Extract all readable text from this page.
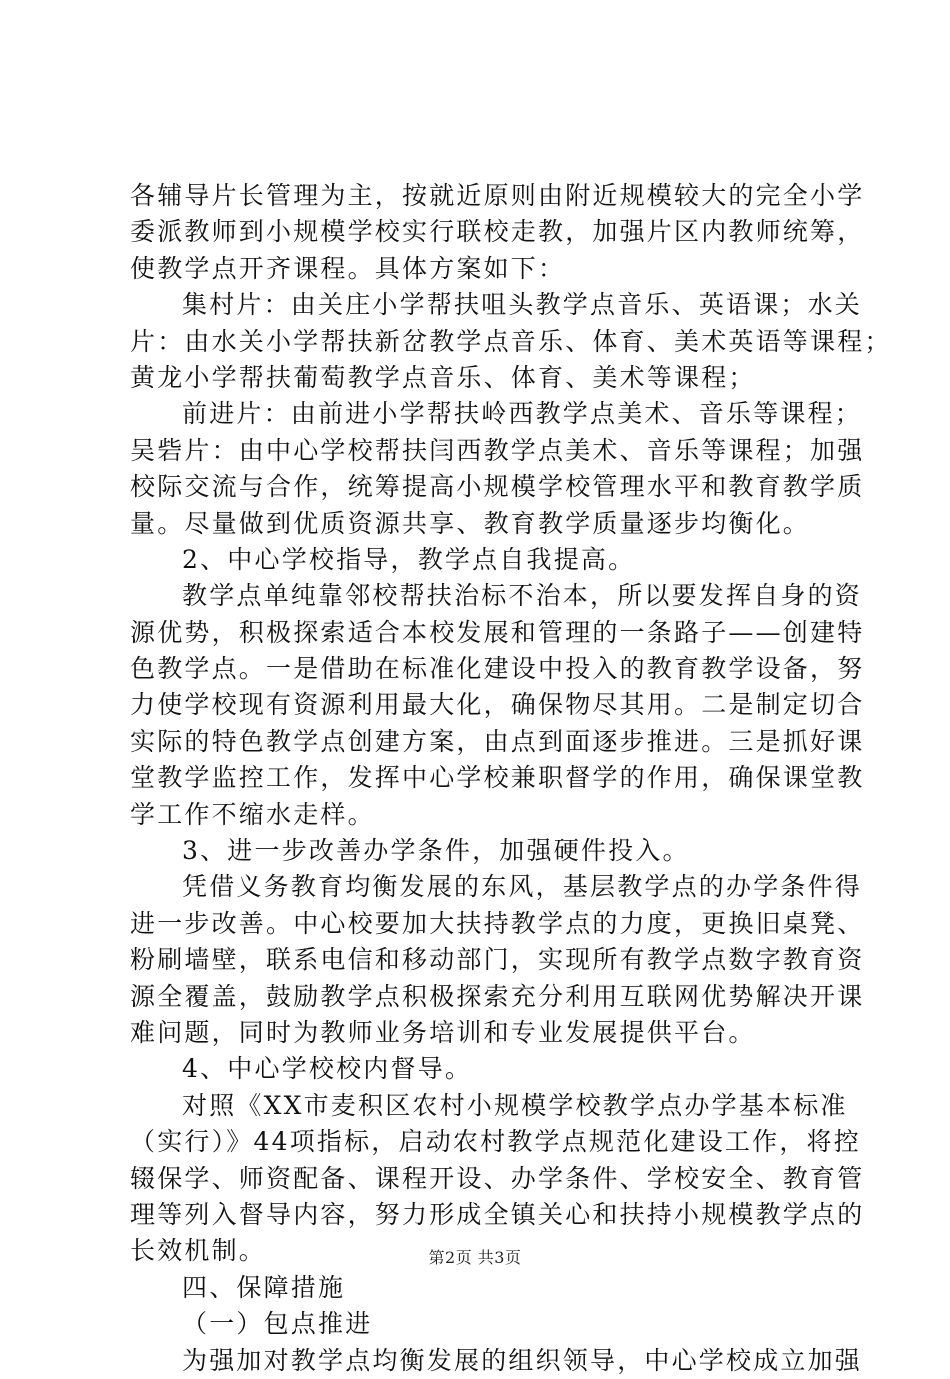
各辅导片长管理为主，按就近原则由附近规模较大的完全小学
委派教师到小规模学校实行联校走教，加强片区内教师统筹，
使教学点开齐课程。具体方案如下：
集村片：由关庄小学帮扶咀头教学点音乐、英语课；水关
片：由水关小学帮扶新岔教学点音乐、体育、美术英语等课程；
黄龙小学帮扶葡萄教学点音乐、体育、美术等课程；
前进片：由前进小学帮扶岭西教学点美术、音乐等课程；
吴砦片：由中心学校帮扶闫西教学点美术、音乐等课程；加强
校际交流与合作，统筹提高小规模学校管理水平和教育教学质
量。尽量做到优质资源共享、教育教学质量逐步均衡化。
2、中心学校指导，教学点自我提高。
教学点单纯靠邻校帮扶治标不治本，所以要发挥自身的资
源优势，积极探索适合本校发展和管理的一条路子——创建特
色教学点。一是借助在标准化建设中投入的教育教学设备，努
力使学校现有资源利用最大化，确保物尽其用。二是制定切合
实际的特色教学点创建方案，由点到面逐步推进。三是抓好课
堂教学监控工作，发挥中心学校兼职督学的作用，确保课堂教
学工作不缩水走样。
3、进一步改善办学条件，加强硬件投入。
凭借义务教育均衡发展的东风，基层教学点的办学条件得
进一步改善。中心校要加大扶持教学点的力度，更换旧桌凳、
粉刷墙壁，联系电信和移动部门，实现所有教学点数字教育资
源全覆盖，鼓励教学点积极探索充分利用互联网优势解决开课
难问题，同时为教师业务培训和专业发展提供平台。
4、中心学校校内督导。
对照《XX市麦积区农村小规模学校教学点办学基本标准
（实行）》44项指标，启动农村教学点规范化建设工作，将控
辍保学、师资配备、课程开设、办学条件、学校安全、教育管
理等列入督导内容，努力形成全镇关心和扶持小规模教学点的
长效机制。
四、保障措施
（一）包点推进
为强加对教学点均衡发展的组织领导，中心学校成立加强
第2页 共3页
